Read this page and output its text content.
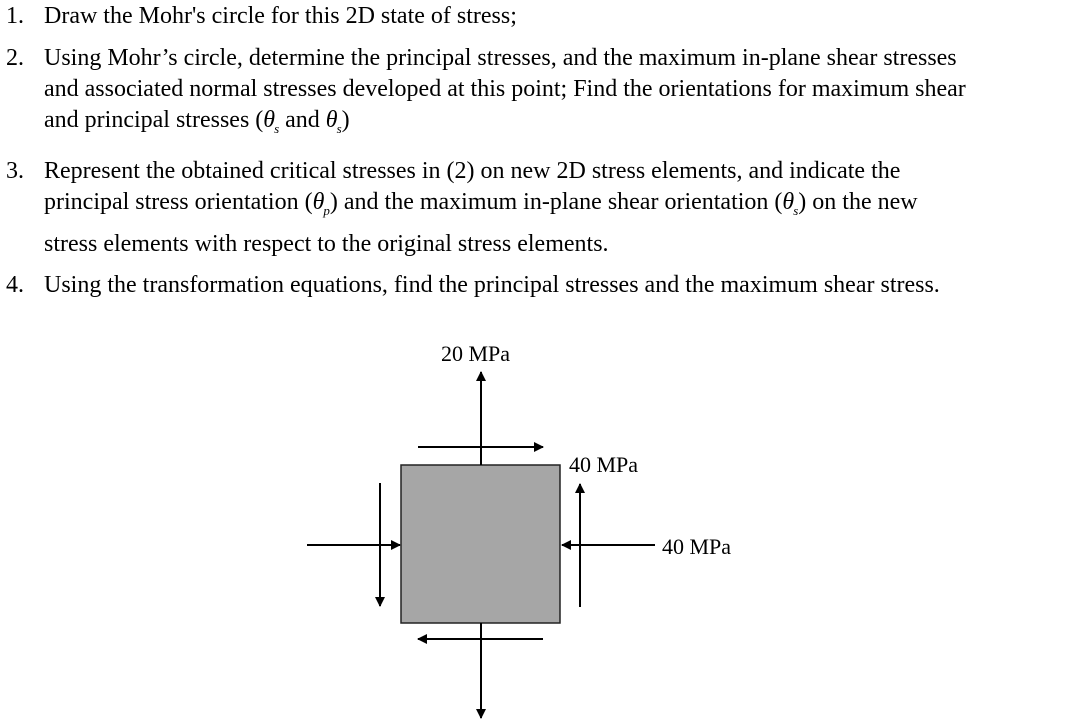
1. Draw the Mohr's circle for this 2D state of stress;
2. Using Mohr’s circle, determine the principal stresses, and the maximum in-plane shear stresses
and associated normal stresses developed at this point; Find the orientations for maximum shear
and principal stresses ($\theta_s$ and $\theta_s$)
3. Represent the obtained critical stresses in (2) on new 2D stress elements, and indicate the
principal stress orientation $(\theta_p)$ and the maximum in-plane shear orientation $(\theta_s)$ on the new
stress elements with respect to the original stress elements.
4. Using the transformation equations, find the principal stresses and the maximum shear stress.
20 MPa
40 MPa
40 MPa
